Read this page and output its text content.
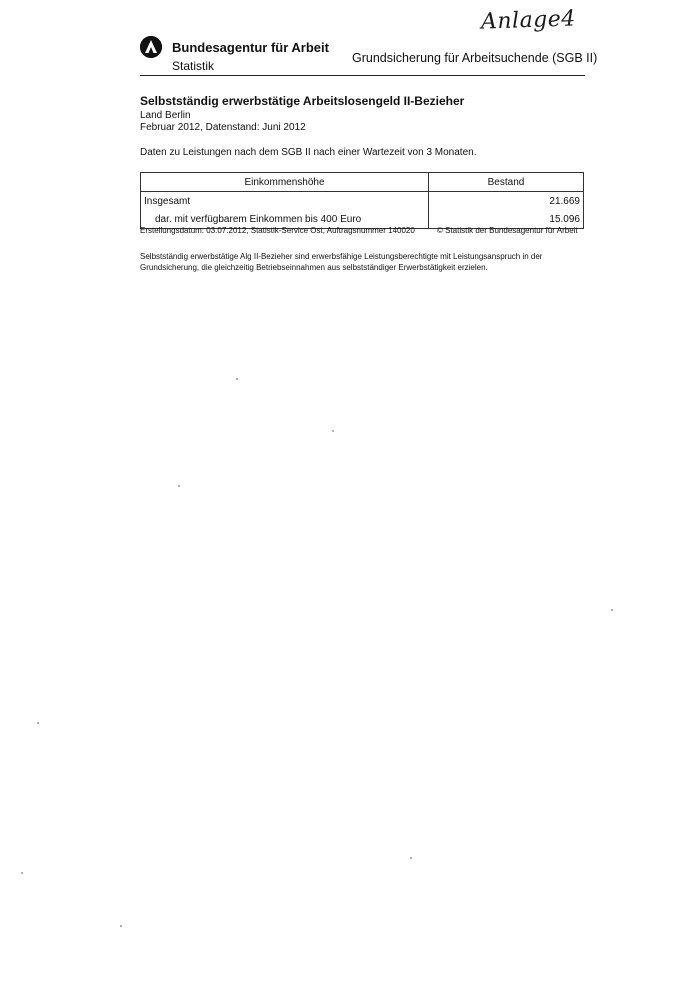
Anlage4
Bundesagentur für Arbeit
Statistik
Grundsicherung für Arbeitsuchende (SGB II)
Selbstständig erwerbstätige Arbeitslosengeld II-Bezieher
Land Berlin
Februar 2012, Datenstand: Juni 2012
Daten zu Leistungen nach dem SGB II nach einer Wartezeit von 3 Monaten.
Einkommenshöhe	Bestand
Insgesamt	21.669
dar. mit verfügbarem Einkommen bis 400 Euro	15.096
Erstellungsdatum: 03.07.2012, Statistik-Service Ost, Auftragsnummer 140020	© Statistik der Bundesagentur für Arbeit
Selbstständig erwerbstätige Alg II-Bezieher sind erwerbsfähige Leistungsberechtigte mit Leistungsanspruch in der Grundsicherung, die gleichzeitig Betriebseinnahmen aus selbstständiger Erwerbstätigkeit erzielen.
